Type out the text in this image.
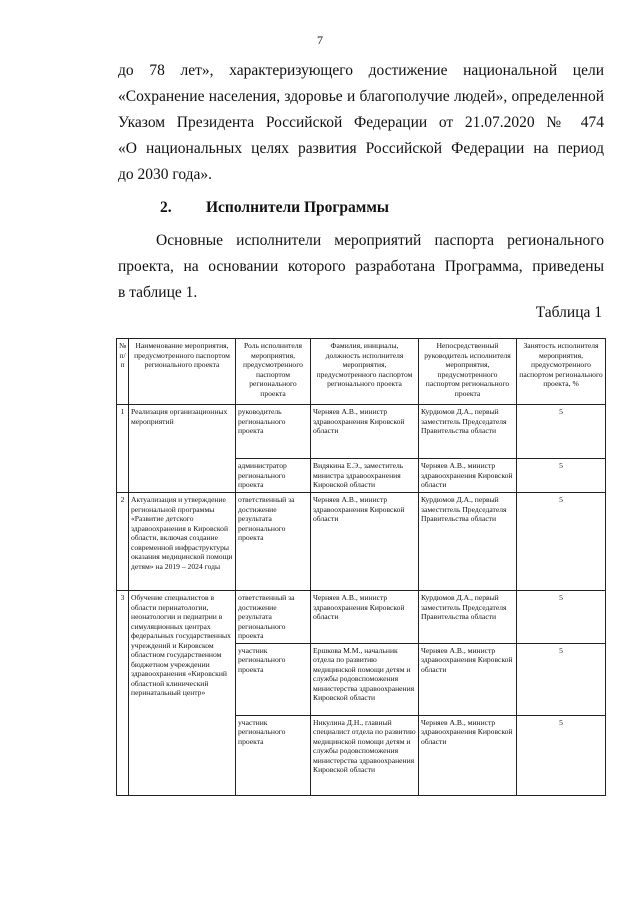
7
до 78 лет», характеризующего достижение национальной цели
«Сохранение населения, здоровье и благополучие людей», определенной
Указом Президента Российской Федерации от 21.07.2020 № 474
«О национальных целях развития Российской Федерации на период
до 2030 года».
2. Исполнители Программы
Основные исполнители мероприятий паспорта регионального
проекта, на основании которого разработана Программа, приведены
в таблице 1.
Таблица 1
№ п/п	Наименование мероприятия, предусмотренного паспортом регионального проекта	Роль исполнителя мероприятия, предусмотренного паспортом регионального проекта	Фамилия, инициалы, должность исполнителя мероприятия, предусмотренного паспортом регионального проекта	Непосредственный руководитель исполнителя мероприятия, предусмотренного паспортом регионального проекта	Занятость исполнителя мероприятия, предусмотренного паспортом регионального проекта, %
1	Реализация организационных мероприятий	руководитель регионального проекта	Черняев А.В., министр здравоохранения Кировской области	Курдюмов Д.А., первый заместитель Председателя Правительства области	5
		администратор регионального проекта	Видякина Е.Э., заместитель министра здравоохранения Кировской области	Черняев А.В., министр здравоохранения Кировской области	5
2	Актуализация и утверждение региональной программы «Развитие детского здравоохранения в Кировской области, включая создание современной инфраструктуры оказания медицинской помощи детям» на 2019 – 2024 годы	ответственный за достижение результата регионального проекта	Черняев А.В., министр здравоохранения Кировской области	Курдюмов Д.А., первый заместитель Председателя Правительства области	5
3	Обучение специалистов в области перинатологии, неонатологии и педиатрии в симуляционных центрах федеральных государственных учреждений и Кировском областном государственном бюджетном учреждении здравоохранения «Кировский областной клинический перинатальный центр»	ответственный за достижение результата регионального проекта	Черняев А.В., министр здравоохранения Кировской области	Курдюмов Д.А., первый заместитель Председателя Правительства области	5
		участник регионального проекта	Ершкова М.М., начальник отдела по развитию медицинской помощи детям и службы родовспоможения министерства здравоохранения Кировской области	Черняев А.В., министр здравоохранения Кировской области	5
		участник регионального проекта	Никулина Д.Н., главный специалист отдела по развитию медицинской помощи детям и службы родовспоможения министерства здравоохранения Кировской области	Черняев А.В., министр здравоохранения Кировской области	5
